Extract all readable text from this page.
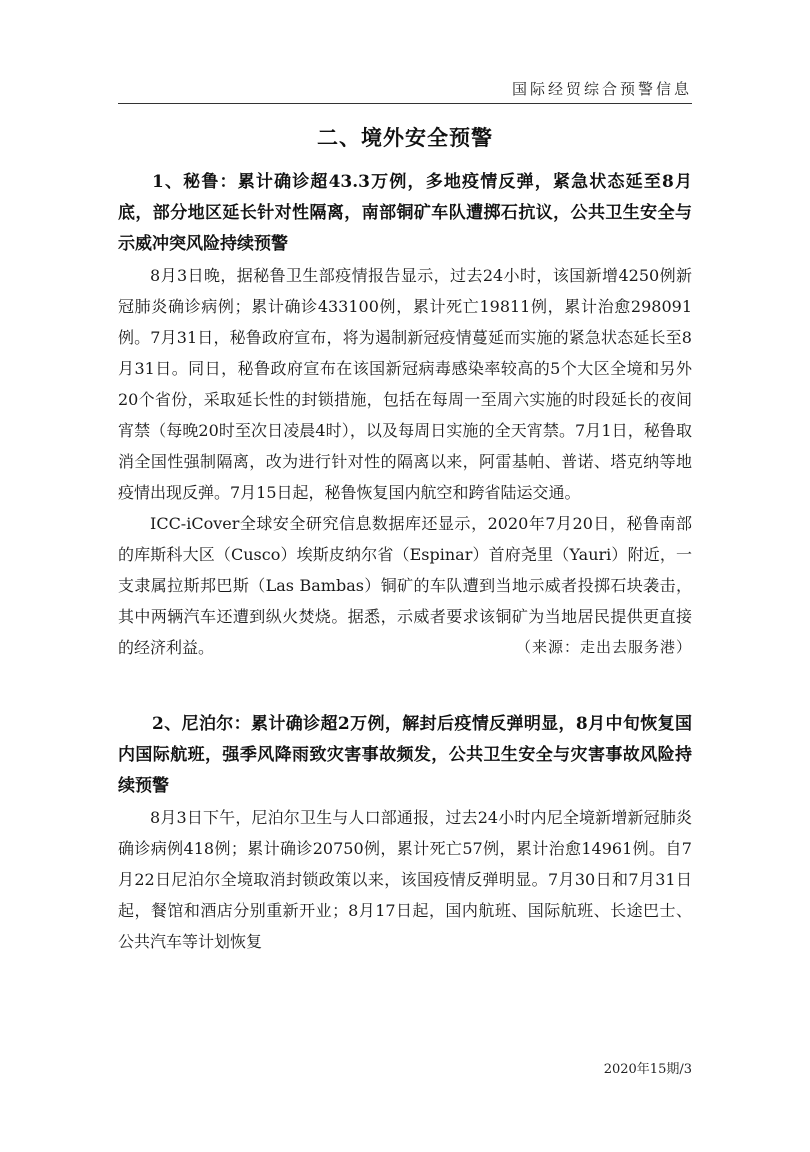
国际经贸综合预警信息
二、境外安全预警

1、秘鲁：累计确诊超43.3万例，多地疫情反弹，紧急状态延至8月底，部分地区延长针对性隔离，南部铜矿车队遭掷石抗议，公共卫生安全与示威冲突风险持续预警

8月3日晚，据秘鲁卫生部疫情报告显示，过去24小时，该国新增4250例新冠肺炎确诊病例；累计确诊433100例，累计死亡19811例，累计治愈298091例。7月31日，秘鲁政府宣布，将为遏制新冠疫情蔓延而实施的紧急状态延长至8月31日。同日，秘鲁政府宣布在该国新冠病毒感染率较高的5个大区全境和另外20个省份，采取延长性的封锁措施，包括在每周一至周六实施的时段延长的夜间宵禁（每晚20时至次日凌晨4时），以及每周日实施的全天宵禁。7月1日，秘鲁取消全国性强制隔离，改为进行针对性的隔离以来，阿雷基帕、普诺、塔克纳等地疫情出现反弹。7月15日起，秘鲁恢复国内航空和跨省陆运交通。

ICC-iCover全球安全研究信息数据库还显示，2020年7月20日，秘鲁南部的库斯科大区（Cusco）埃斯皮纳尔省（Espinar）首府尧里（Yauri）附近，一支隶属拉斯邦巴斯（Las Bambas）铜矿的车队遭到当地示威者投掷石块袭击，其中两辆汽车还遭到纵火焚烧。据悉，示威者要求该铜矿为当地居民提供更直接的经济利益。	（来源：走出去服务港）

2、尼泊尔：累计确诊超2万例，解封后疫情反弹明显，8月中旬恢复国内国际航班，强季风降雨致灾害事故频发，公共卫生安全与灾害事故风险持续预警

8月3日下午，尼泊尔卫生与人口部通报，过去24小时内尼全境新增新冠肺炎确诊病例418例；累计确诊20750例，累计死亡57例，累计治愈14961例。自7月22日尼泊尔全境取消封锁政策以来，该国疫情反弹明显。7月30日和7月31日起，餐馆和酒店分别重新开业；8月17日起，国内航班、国际航班、长途巴士、公共汽车等计划恢复

2020年15期/3
